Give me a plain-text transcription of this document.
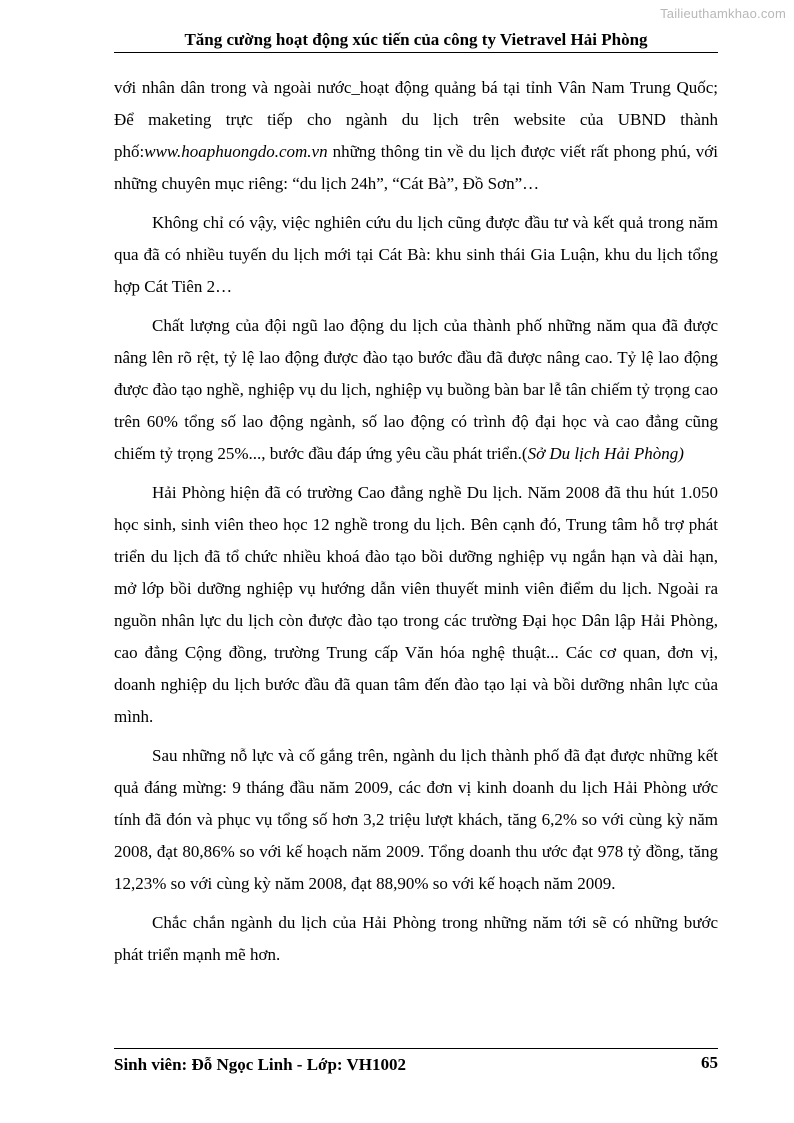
Tailieuthamkhao.com
Tăng cường hoạt động xúc tiến của công ty Vietravel Hải Phòng

với nhân dân trong và ngoài nước_hoạt động quảng bá tại tỉnh Vân Nam Trung Quốc; Để maketing trực tiếp cho ngành du lịch trên website của UBND thành phố:www.hoaphuongdo.com.vn những thông tin về du lịch được viết rất phong phú, với những chuyên mục riêng: “du lịch 24h”, “Cát Bà”, Đồ Sơn”…

Không chỉ có vậy, việc nghiên cứu du lịch cũng được đầu tư và kết quả trong năm qua đã có nhiều tuyến du lịch mới tại Cát Bà: khu sinh thái Gia Luận, khu du lịch tổng hợp Cát Tiên 2…

Chất lượng của đội ngũ lao động du lịch của thành phố những năm qua đã được nâng lên rõ rệt, tỷ lệ lao động được đào tạo bước đầu đã được nâng cao. Tỷ lệ lao động được đào tạo nghề, nghiệp vụ du lịch, nghiệp vụ buồng bàn bar lễ tân chiếm tỷ trọng cao trên 60% tổng số lao động ngành, số lao động có trình độ đại học và cao đẳng cũng chiếm tỷ trọng 25%..., bước đầu đáp ứng yêu cầu phát triển.(Sở Du lịch Hải Phòng)

Hải Phòng hiện đã có trường Cao đẳng nghề Du lịch. Năm 2008 đã thu hút 1.050 học sinh, sinh viên theo học 12 nghề trong du lịch. Bên cạnh đó, Trung tâm hỗ trợ phát triển du lịch đã tổ chức nhiều khoá đào tạo bồi dưỡng nghiệp vụ ngắn hạn và dài hạn, mở lớp bồi dưỡng nghiệp vụ hướng dẫn viên thuyết minh viên điểm du lịch. Ngoài ra nguồn nhân lực du lịch còn được đào tạo trong các trường Đại học Dân lập Hải Phòng, cao đẳng Cộng đồng, trường Trung cấp Văn hóa nghệ thuật... Các cơ quan, đơn vị, doanh nghiệp du lịch bước đầu đã quan tâm đến đào tạo lại và bồi dưỡng nhân lực của mình.

Sau những nỗ lực và cố gắng trên, ngành du lịch thành phố đã đạt được những kết quả đáng mừng: 9 tháng đầu năm 2009, các đơn vị kinh doanh du lịch Hải Phòng ước tính đã đón và phục vụ tổng số hơn 3,2 triệu lượt khách, tăng 6,2% so với cùng kỳ năm 2008, đạt 80,86% so với kế hoạch năm 2009. Tổng doanh thu ước đạt 978 tỷ đồng, tăng 12,23% so với cùng kỳ năm 2008, đạt 88,90% so với kế hoạch năm 2009.

Chắc chắn ngành du lịch của Hải Phòng trong những năm tới sẽ có những bước phát triển mạnh mẽ hơn.

Sinh viên: Đỗ Ngọc Linh - Lớp: VH1002	65
